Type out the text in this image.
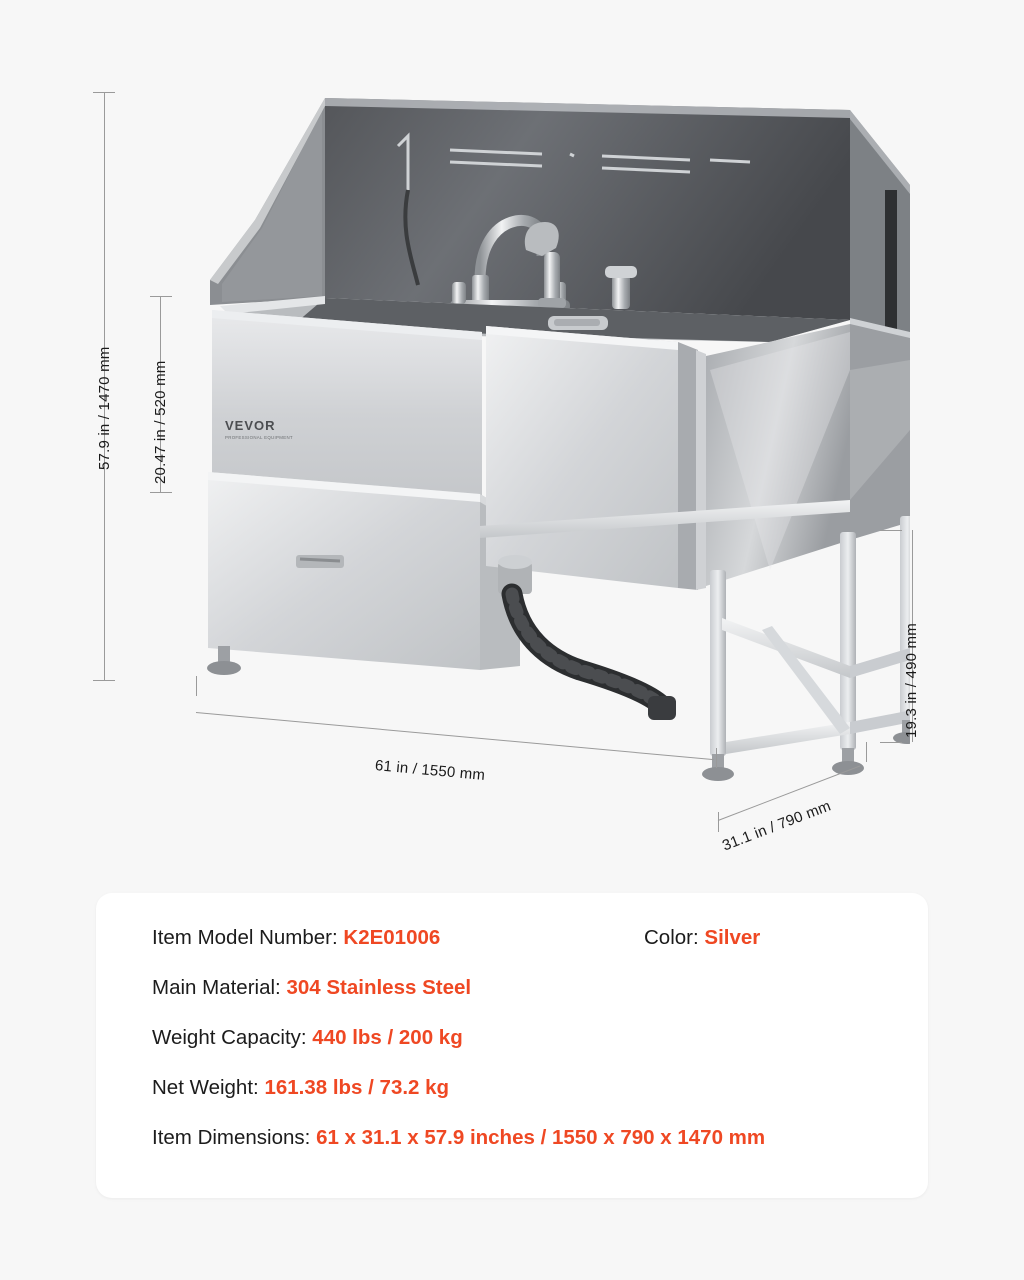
VEVOR
PROFESSIONAL EQUIPMENT
57.9 in / 1470 mm	20.47 in / 520 mm
19.3 in / 490 mm
61 in / 1550 mm
31.1 in / 790 mm
Item Model Number: K2E01006	Color: Silver
Main Material: 304 Stainless Steel
Weight Capacity: 440 lbs / 200 kg
Net Weight: 161.38 lbs / 73.2 kg
Item Dimensions: 61 x 31.1 x 57.9 inches / 1550 x 790 x 1470 mm
